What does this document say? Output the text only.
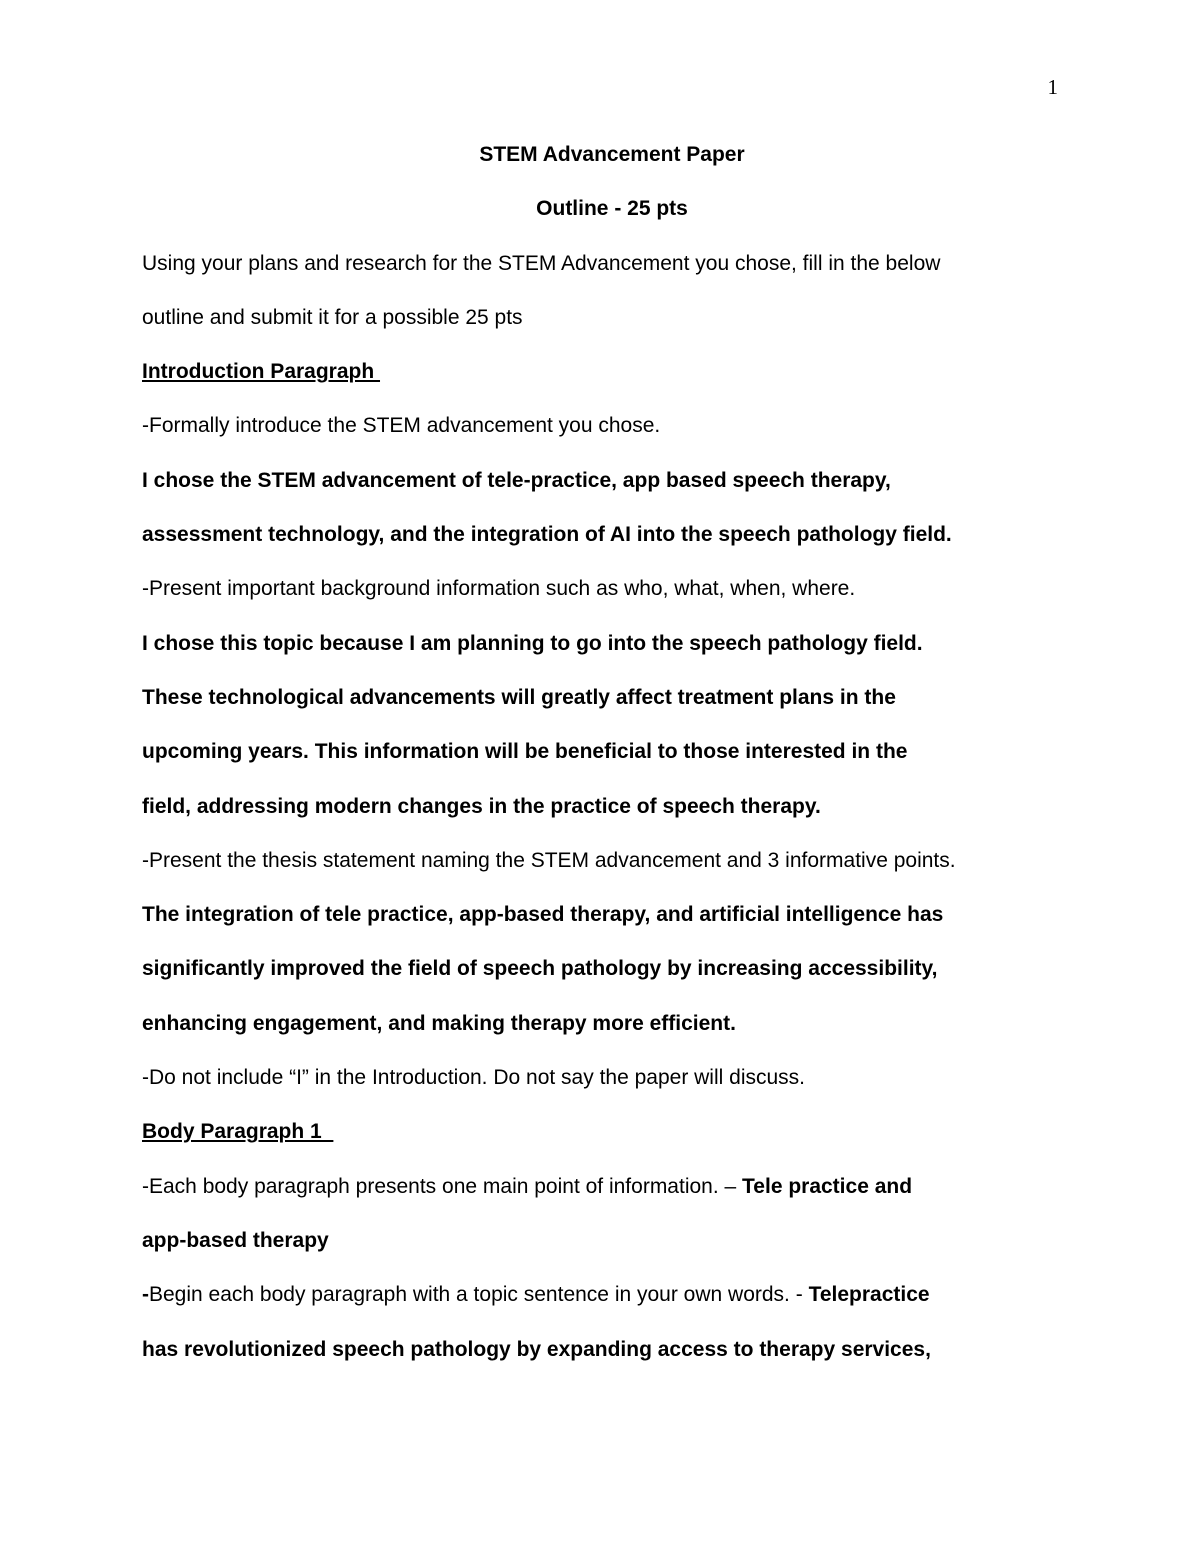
1
STEM Advancement Paper
Outline - 25 pts
Using your plans and research for the STEM Advancement you chose, fill in the below
outline and submit it for a possible 25 pts
Introduction Paragraph
-Formally introduce the STEM advancement you chose.
I chose the STEM advancement of tele-practice, app based speech therapy,
assessment technology, and the integration of AI into the speech pathology field.
-Present important background information such as who, what, when, where.
I chose this topic because I am planning to go into the speech pathology field.
These technological advancements will greatly affect treatment plans in the
upcoming years. This information will be beneficial to those interested in the
field, addressing modern changes in the practice of speech therapy.
-Present the thesis statement naming the STEM advancement and 3 informative points.
The integration of tele practice, app-based therapy, and artificial intelligence has
significantly improved the field of speech pathology by increasing accessibility,
enhancing engagement, and making therapy more efficient.
-Do not include “I” in the Introduction. Do not say the paper will discuss.
Body Paragraph 1
-Each body paragraph presents one main point of information. – Tele practice and
app-based therapy
-Begin each body paragraph with a topic sentence in your own words. - Telepractice
has revolutionized speech pathology by expanding access to therapy services,
